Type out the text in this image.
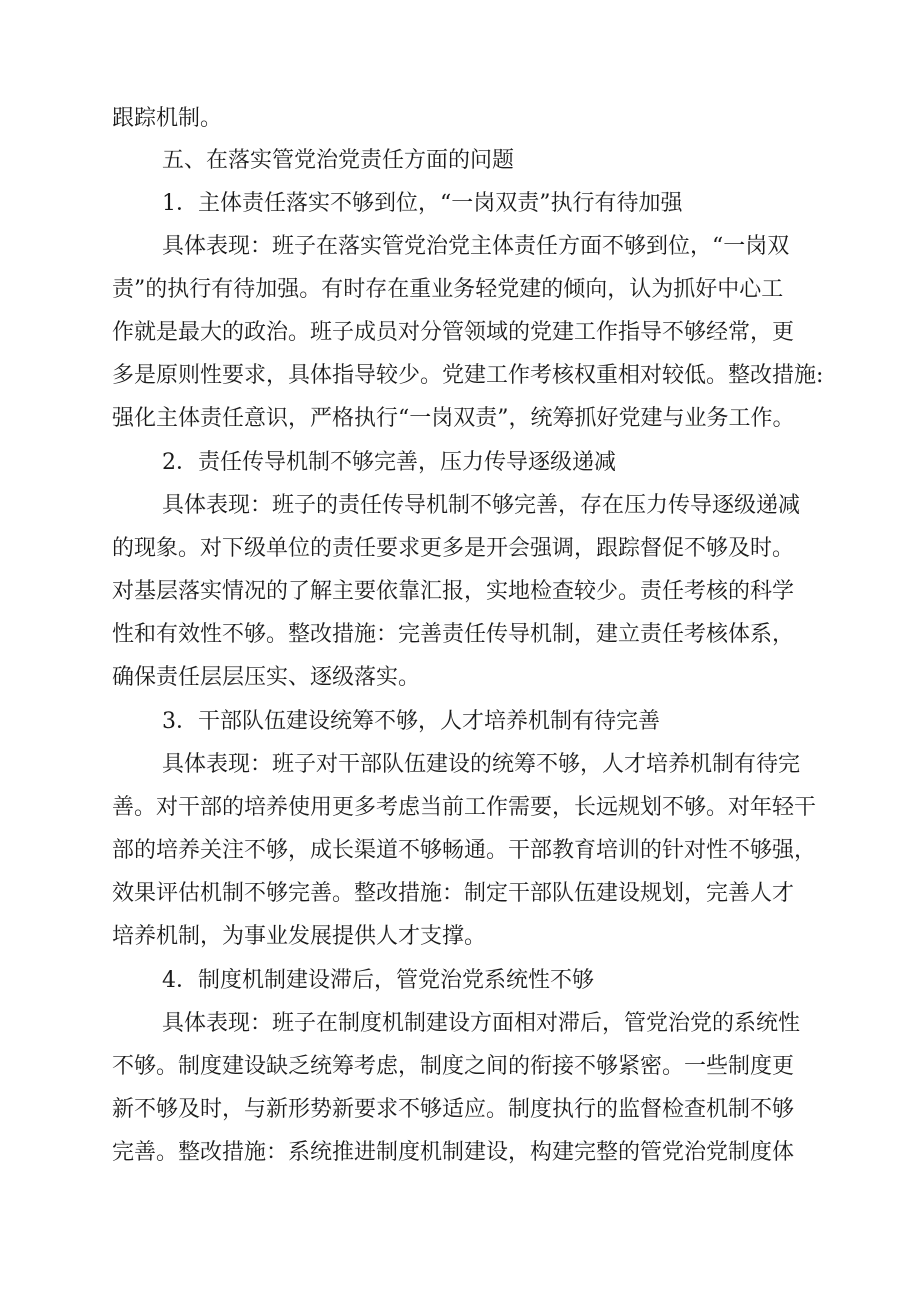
跟踪机制。
五、在落实管党治党责任方面的问题
1．主体责任落实不够到位，“一岗双责”执行有待加强
具体表现：班子在落实管党治党主体责任方面不够到位，“一岗双
责”的执行有待加强。有时存在重业务轻党建的倾向，认为抓好中心工
作就是最大的政治。班子成员对分管领域的党建工作指导不够经常，更
多是原则性要求，具体指导较少。党建工作考核权重相对较低。整改措施:
强化主体责任意识，严格执行“一岗双责”，统筹抓好党建与业务工作。
2．责任传导机制不够完善，压力传导逐级递减
具体表现：班子的责任传导机制不够完善，存在压力传导逐级递减
的现象。对下级单位的责任要求更多是开会强调，跟踪督促不够及时。
对基层落实情况的了解主要依靠汇报，实地检查较少。责任考核的科学
性和有效性不够。整改措施：完善责任传导机制，建立责任考核体系，
确保责任层层压实、逐级落实。
3．干部队伍建设统筹不够，人才培养机制有待完善
具体表现：班子对干部队伍建设的统筹不够，人才培养机制有待完
善。对干部的培养使用更多考虑当前工作需要，长远规划不够。对年轻干
部的培养关注不够，成长渠道不够畅通。干部教育培训的针对性不够强，
效果评估机制不够完善。整改措施：制定干部队伍建设规划，完善人才
培养机制，为事业发展提供人才支撑。
4．制度机制建设滞后，管党治党系统性不够
具体表现：班子在制度机制建设方面相对滞后，管党治党的系统性
不够。制度建设缺乏统筹考虑，制度之间的衔接不够紧密。一些制度更
新不够及时，与新形势新要求不够适应。制度执行的监督检查机制不够
完善。整改措施：系统推进制度机制建设，构建完整的管党治党制度体
